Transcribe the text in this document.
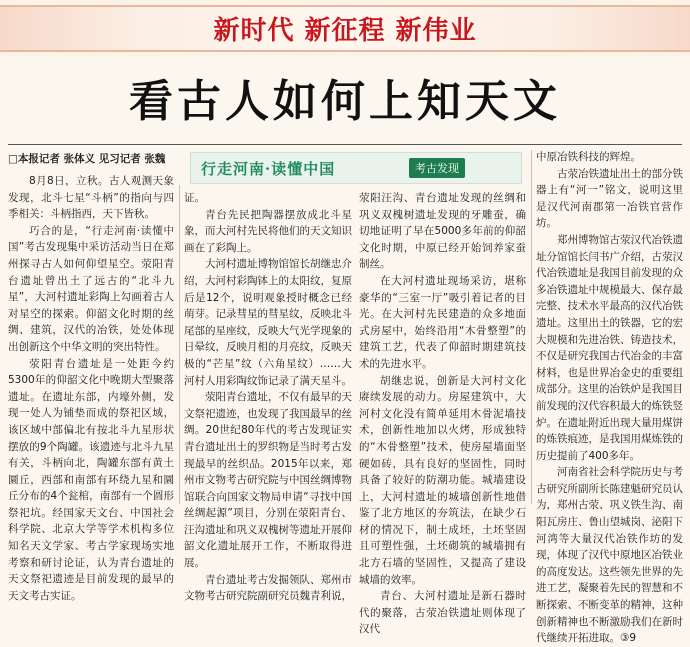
新时代 新征程 新伟业
看古人如何上知天文
□本报记者 张体义 见习记者 张魏
行走河南·读懂中国	考古发现

8月8日，立秋。古人观测天象发现，北斗七星“斗柄”的指向与四季相关：斗柄指西，天下皆秋。

巧合的是，“行走河南·读懂中国”考古发现集中采访活动当日在郑州探寻古人如何仰望星空。荥阳青台遗址曾出土了远古的“北斗九星”，大河村遗址彩陶上勾画着古人对星空的探索。仰韶文化时期的丝绸、建筑，汉代的冶铁，处处体现出创新这个中华文明的突出特性。

荥阳青台遗址是一处距今约5300年的仰韶文化中晚期大型聚落遗址。在遗址东部，内壕外侧，发现一处人为铺垫而成的祭祀区域，该区域中部偏北有按北斗九星形状摆放的9个陶罐。该遗迹与北斗九星有关，斗柄向北，陶罐东部有黄土圜丘，西部和南部有环绕九星和圜丘分布的4个瓮棺，南部有一个圆形祭祀坑。经国家天文台、中国社会科学院、北京大学等学术机构多位知名天文学家、考古学家现场实地考察和研讨论证，认为青台遗址的天文祭祀遗迹是目前发现的最早的天文考古实证。

证。

青台先民把陶器摆放成北斗星象，而大河村先民将他们的天文知识画在了彩陶上。

大河村遗址博物馆馆长胡继忠介绍，大河村彩陶钵上的太阳纹，复原后是12个，说明观象授时概念已经萌芽。记录彗星的彗星纹，反映北斗尾部的星座纹，反映大气光学现象的日晕纹，反映月相的月亮纹，反映天极的“芒星”纹（六角星纹）……大河村人用彩陶纹饰记录了满天星斗。

荥阳青台遗址，不仅有最早的天文祭祀遗迹，也发现了我国最早的丝绸。20世纪80年代的考古发现证实青台遗址出土的罗织物是当时考古发现最早的丝织品。2015年以来，郑州市文物考古研究院与中国丝绸博物馆联合向国家文物局申请“寻找中国丝绸起源”项目，分别在荥阳青台、汪沟遗址和巩义双槐树等遗址开展仰韶文化遗址展开工作，不断取得进展。

青台遗址考古发掘领队、郑州市文物考古研究院副研究员魏青利说，

荥阳汪沟、青台遗址发现的丝绸和巩义双槐树遗址发现的牙雕蚕，确切地证明了早在5000多年前的仰韶文化时期，中原已经开始饲养家蚕制丝。

在大河村遗址现场采访，堪称豪华的“三室一厅”吸引着记者的目光。在大河村先民建造的众多地面式房屋中，始终沿用“木骨整塑”的建筑工艺，代表了仰韶时期建筑技术的先进水平。

胡继忠说，创新是大河村文化赓续发展的动力。房屋建筑中，大河村文化没有简单延用木骨泥墙技术，创新性地加以火烤，形成独特的“木骨整塑”技术，使房屋墙面坚硬如砖，具有良好的坚固性，同时具备了较好的防潮功能。城墙建设上，大河村遗址的城墙创新性地借鉴了北方地区的夯筑法，在缺少石材的情况下，制土成坯，土坯坚固且可塑性强，土坯砌筑的城墙拥有北方石墙的坚固性，又提高了建设城墙的效率。

青台、大河村遗址是新石器时代的聚落，古荥冶铁遗址则体现了汉代

中原冶铁科技的辉煌。

古荥冶铁遗址出土的部分铁器上有“河一”铭文，说明这里是汉代河南郡第一冶铁官营作坊。

郑州博物馆古荥汉代冶铁遗址分馆馆长闫书广介绍，古荥汉代冶铁遗址是我国目前发现的众多冶铁遗址中规模最大、保存最完整、技术水平最高的汉代冶铁遗址。这里出土的铁器，它的宏大规模和先进冶铁、铸造技术，不仅是研究我国古代冶金的丰富材料，也是世界冶金史的重要组成部分。这里的冶铁炉是我国目前发现的汉代容积最大的炼铁竖炉。在遗址附近出现大量用煤饼的炼铁痕迹，是我国用煤炼铁的历史提前了400多年。

河南省社会科学院历史与考古研究所副所长陈建魁研究员认为，郑州古荥、巩义铁生沟、南阳瓦房庄、鲁山望城岗、泌阳下河湾等大量汉代冶铁作坊的发现，体现了汉代中原地区冶铁业的高度发达。这些领先世界的先进工艺，凝聚着先民的智慧和不断探索、不断变革的精神，这种创新精神也不断激励我们在新时代继续开拓进取。③9
